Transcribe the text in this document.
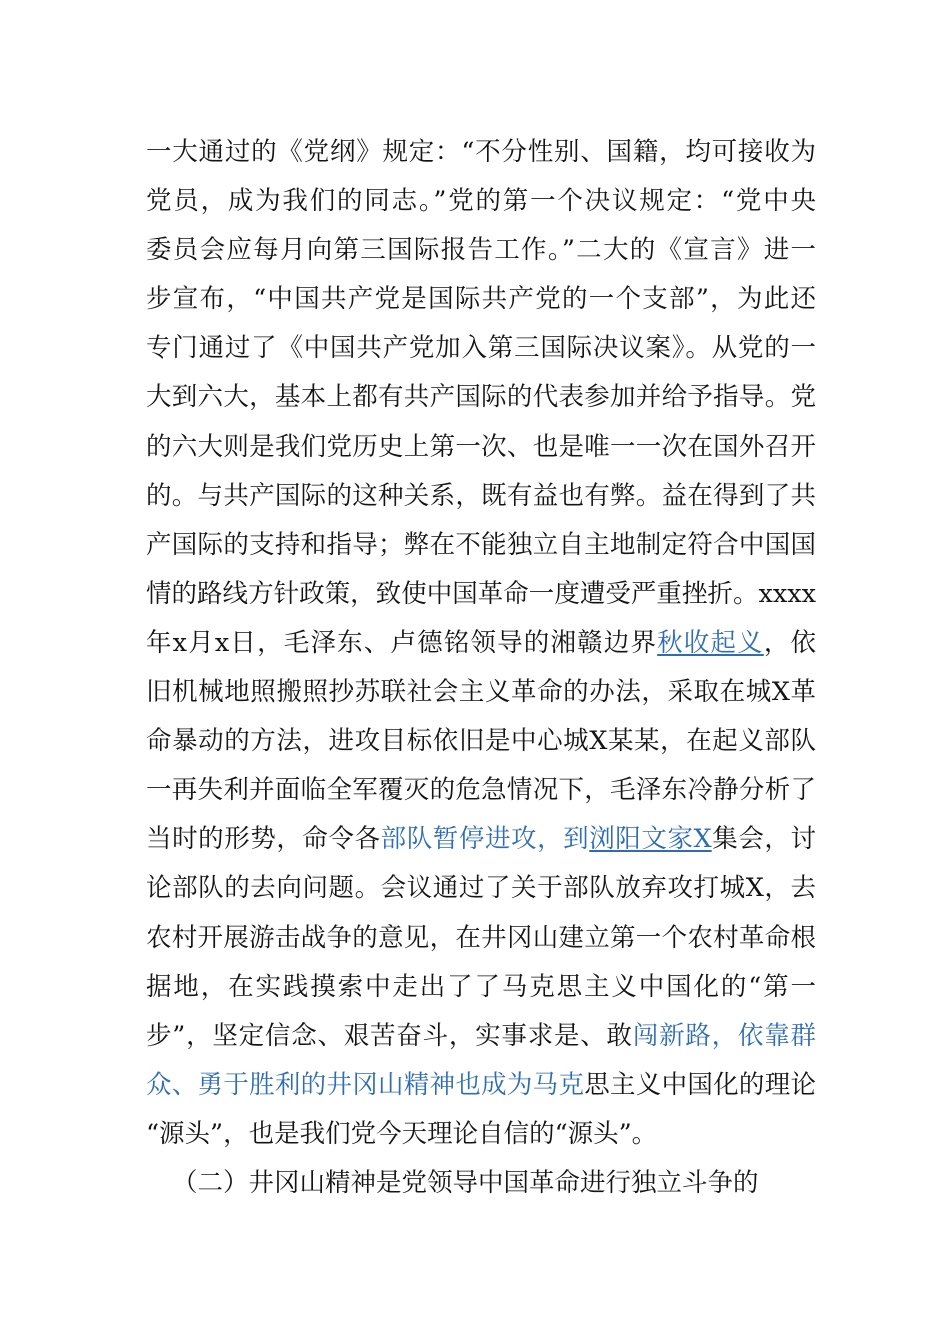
一大通过的《党纲》规定：“不分性别、国籍，均可接收为
党员，成为我们的同志。”党的第一个决议规定：“党中央
委员会应每月向第三国际报告工作。”二大的《宣言》进一
步宣布，“中国共产党是国际共产党的一个支部”，为此还
专门通过了《中国共产党加入第三国际决议案》。从党的一
大到六大，基本上都有共产国际的代表参加并给予指导。党
的六大则是我们党历史上第一次、也是唯一一次在国外召开
的。与共产国际的这种关系，既有益也有弊。益在得到了共
产国际的支持和指导；弊在不能独立自主地制定符合中国国
情的路线方针政策，致使中国革命一度遭受严重挫折。xxxx
年x月x日，毛泽东、卢德铭领导的湘赣边界秋收起义，依
旧机械地照搬照抄苏联社会主义革命的办法，采取在城X革
命暴动的方法，进攻目标依旧是中心城X某某，在起义部队
一再失利并面临全军覆灭的危急情况下，毛泽东冷静分析了
当时的形势，命令各部队暂停进攻，到浏阳文家X集会，讨
论部队的去向问题。会议通过了关于部队放弃攻打城X，去
农村开展游击战争的意见，在井冈山建立第一个农村革命根
据地，在实践摸索中走出了了马克思主义中国化的“第一
步”，坚定信念、艰苦奋斗，实事求是、敢闯新路，依靠群
众、勇于胜利的井冈山精神也成为马克思主义中国化的理论
“源头”，也是我们党今天理论自信的“源头”。
（二）井冈山精神是党领导中国革命进行独立斗争的
